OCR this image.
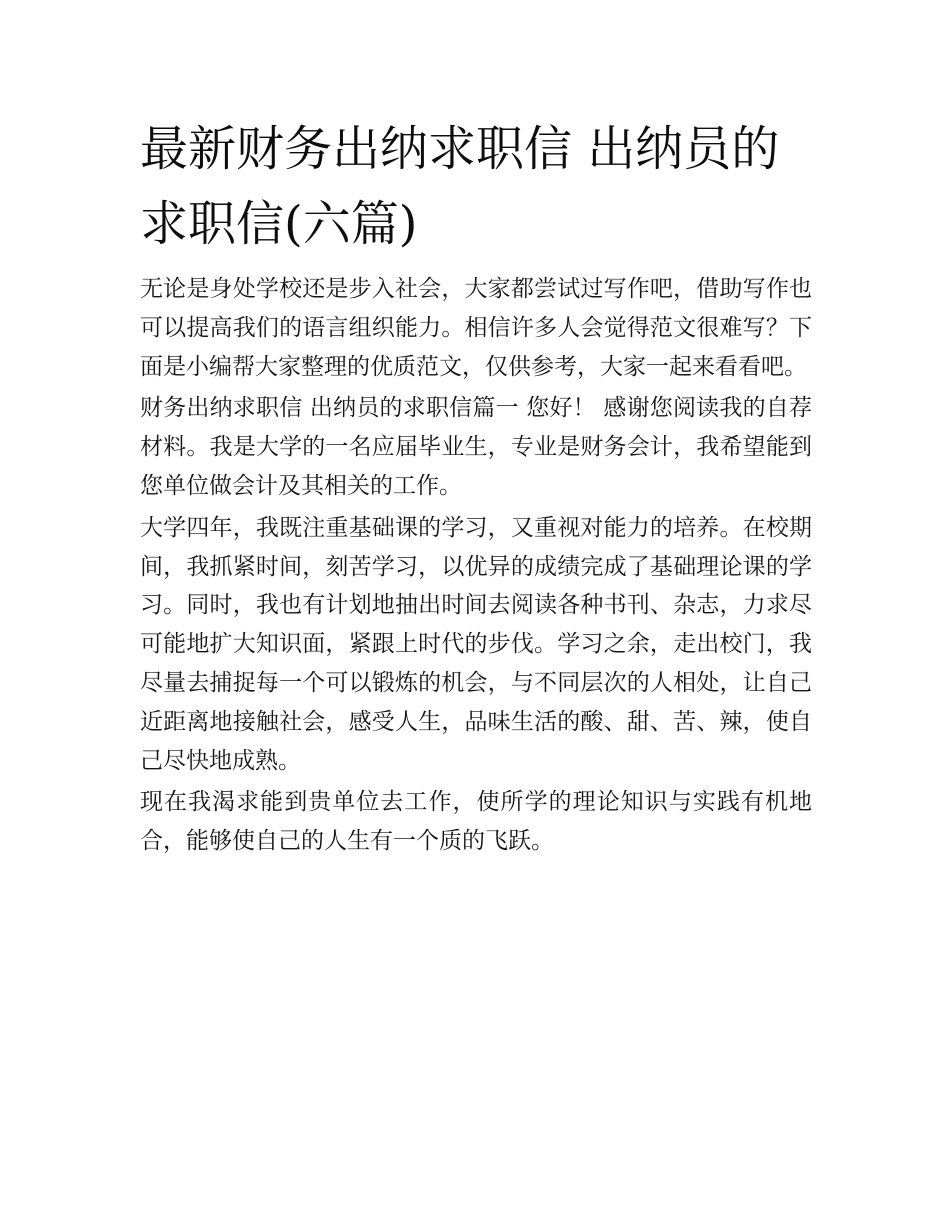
最新财务出纳求职信 出纳员的求职信(六篇)

无论是身处学校还是步入社会，大家都尝试过写作吧，借助写作也可以提高我们的语言组织能力。相信许多人会觉得范文很难写？下面是小编帮大家整理的优质范文，仅供参考，大家一起来看看吧。

财务出纳求职信 出纳员的求职信篇一 您好！ 感谢您阅读我的自荐材料。我是大学的一名应届毕业生，专业是财务会计，我希望能到您单位做会计及其相关的工作。

大学四年，我既注重基础课的学习，又重视对能力的培养。在校期间，我抓紧时间，刻苦学习，以优异的成绩完成了基础理论课的学习。同时，我也有计划地抽出时间去阅读各种书刊、杂志，力求尽可能地扩大知识面，紧跟上时代的步伐。学习之余，走出校门，我尽量去捕捉每一个可以锻炼的机会，与不同层次的人相处，让自己近距离地接触社会，感受人生，品味生活的酸、甜、苦、辣，使自己尽快地成熟。

现在我渴求能到贵单位去工作，使所学的理论知识与实践有机地合，能够使自己的人生有一个质的飞跃。
